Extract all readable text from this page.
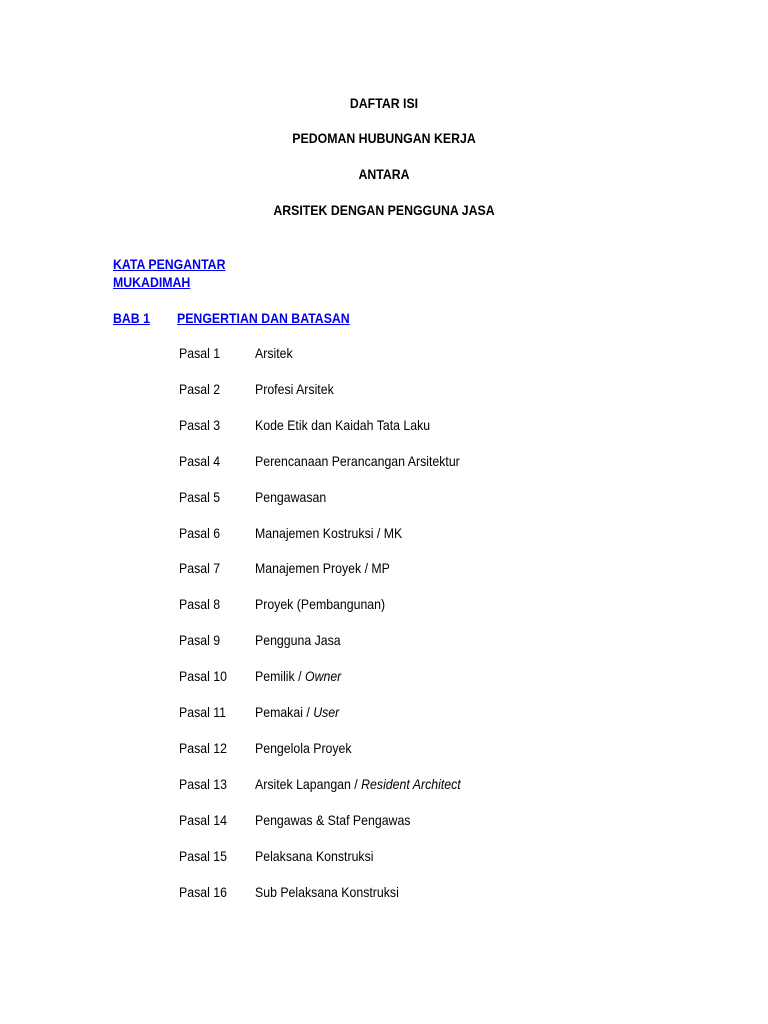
DAFTAR ISI
PEDOMAN HUBUNGAN KERJA
ANTARA
ARSITEK DENGAN PENGGUNA JASA
KATA PENGANTAR
MUKADIMAH
BAB 1	PENGERTIAN DAN BATASAN
Pasal 1 Arsitek
Pasal 2 Profesi Arsitek
Pasal 3 Kode Etik dan Kaidah Tata Laku
Pasal 4 Perencanaan Perancangan Arsitektur
Pasal 5 Pengawasan
Pasal 6 Manajemen Kostruksi / MK
Pasal 7 Manajemen Proyek / MP
Pasal 8 Proyek (Pembangunan)
Pasal 9 Pengguna Jasa
Pasal 10 Pemilik / Owner
Pasal 11 Pemakai / User
Pasal 12 Pengelola Proyek
Pasal 13 Arsitek Lapangan / Resident Architect
Pasal 14 Pengawas & Staf Pengawas
Pasal 15 Pelaksana Konstruksi
Pasal 16 Sub Pelaksana Konstruksi
